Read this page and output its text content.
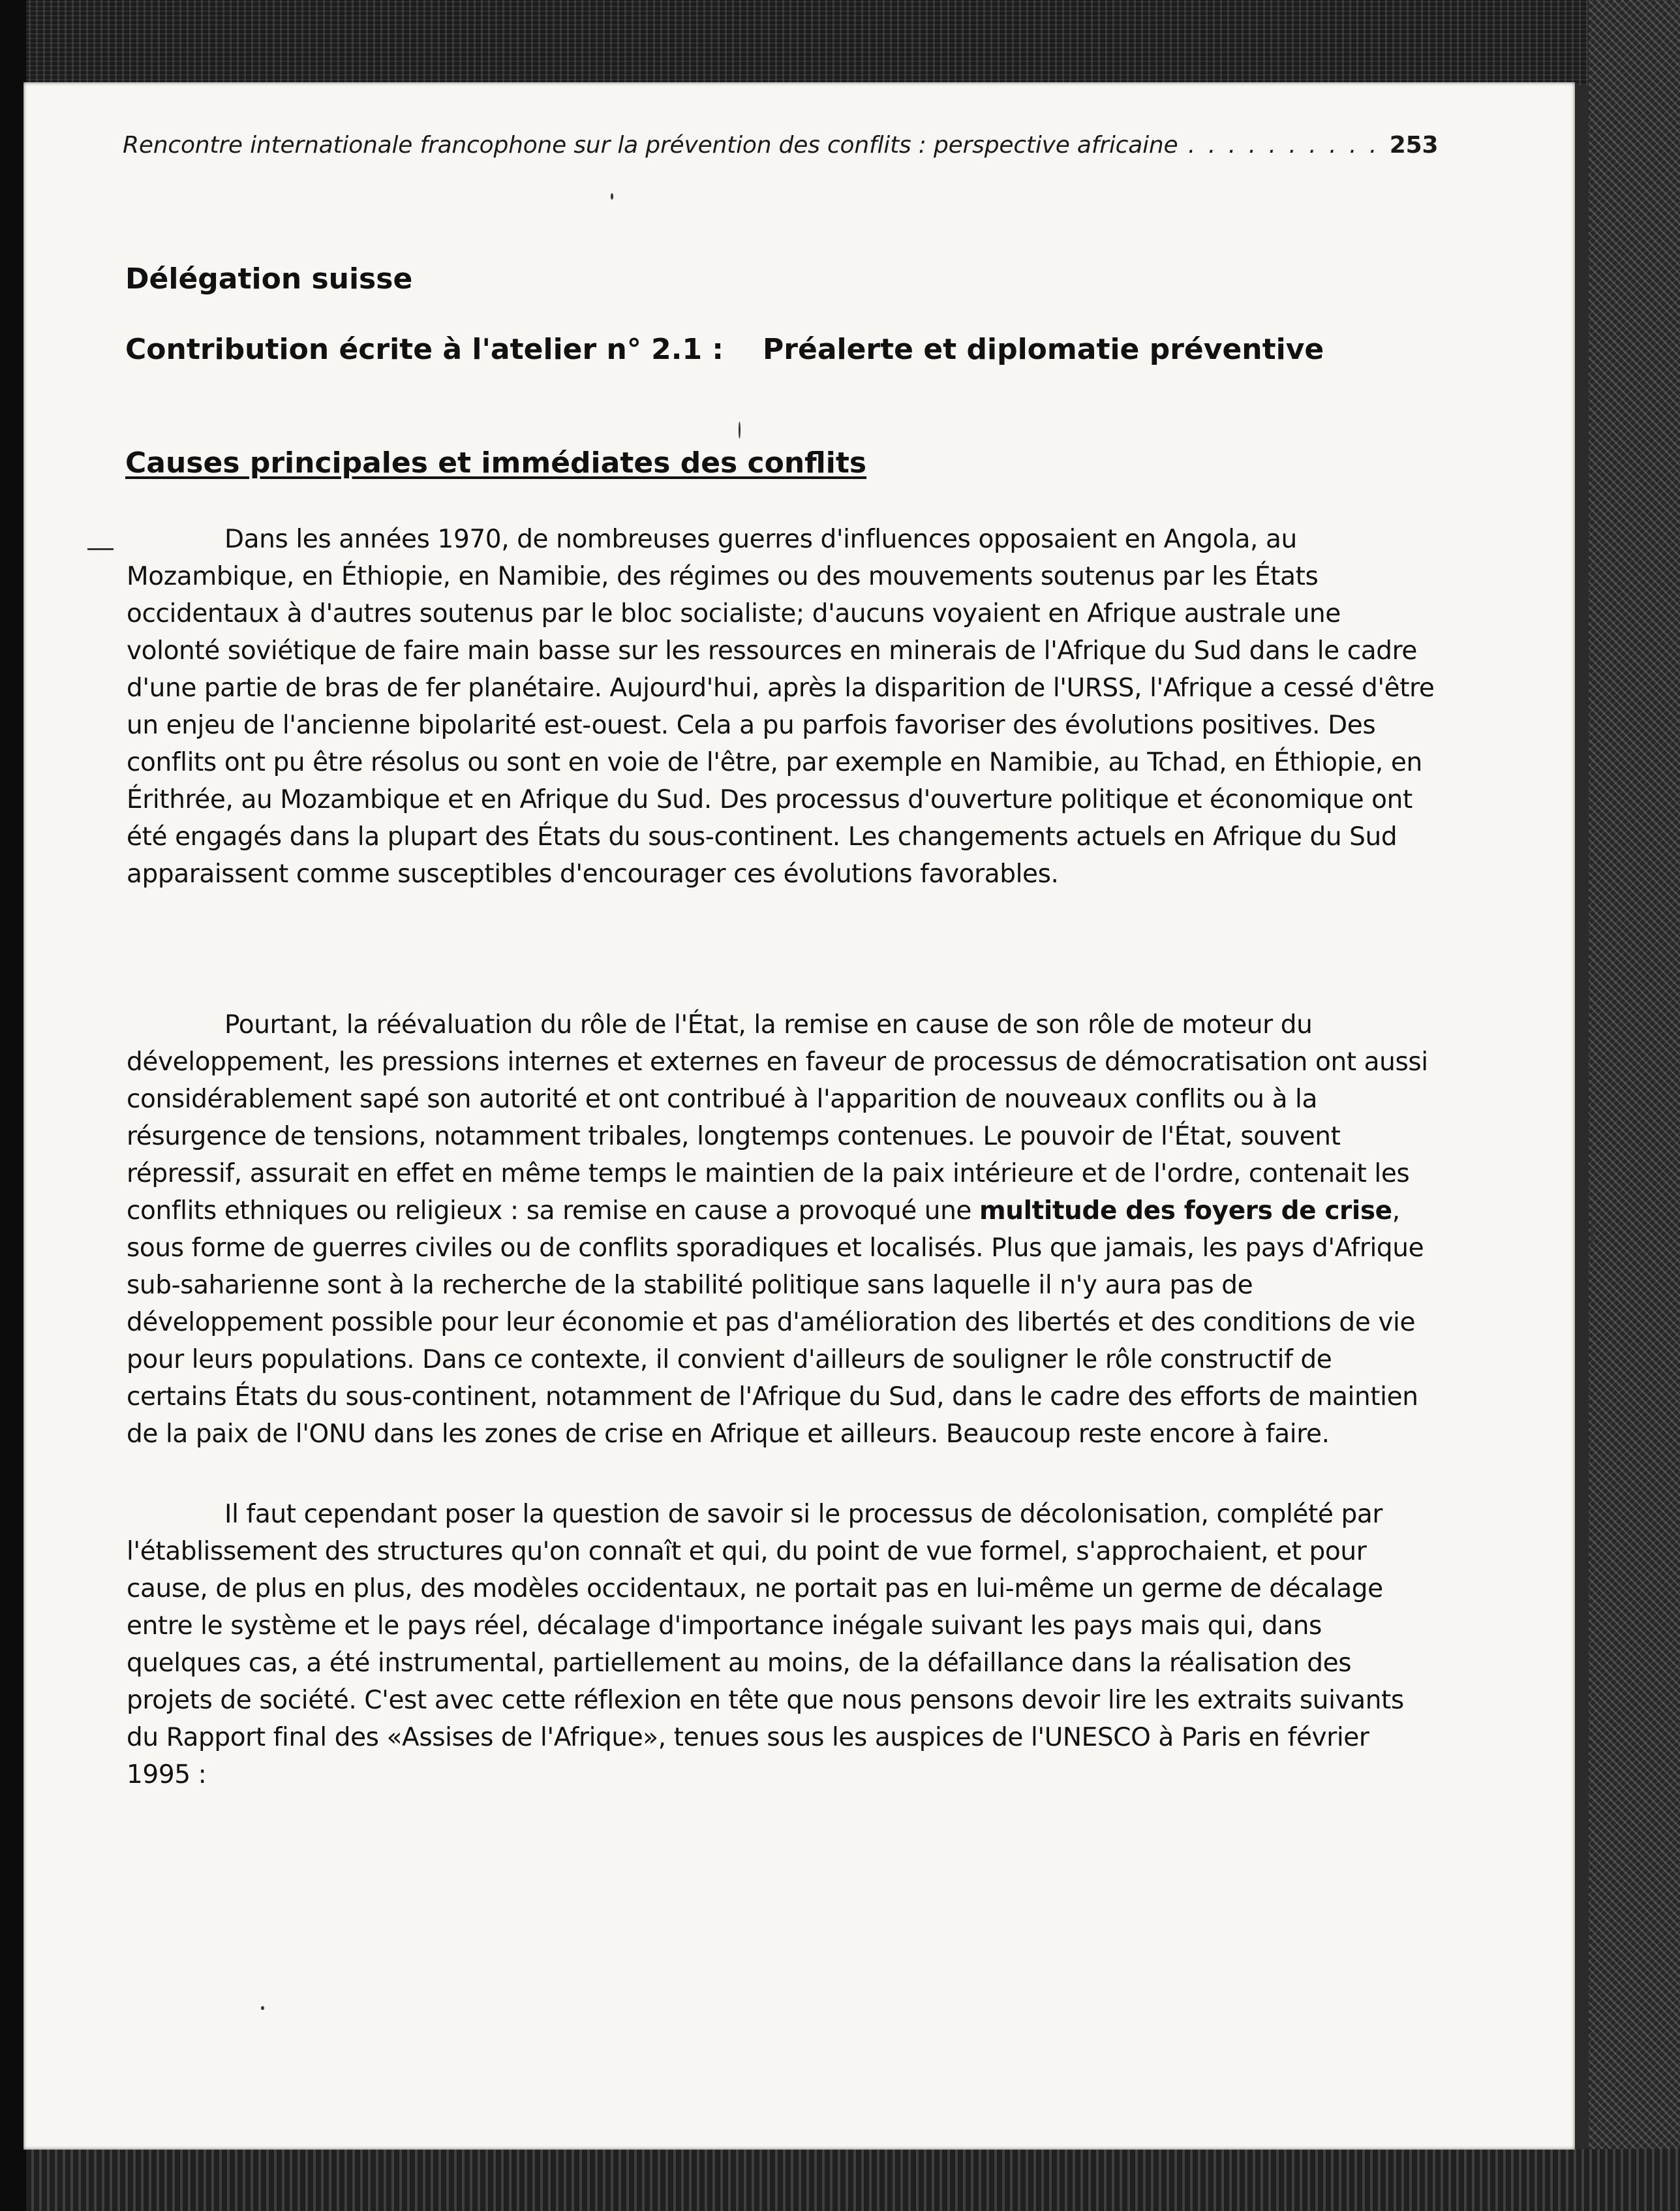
Rencontre internationale francophone sur la prévention des conflits : perspective africaine . . . . . . . . . . 253
Délégation suisse
Contribution écrite à l'atelier n° 2.1 : Préalerte et diplomatie préventive
Causes principales et immédiates des conflits

Dans les années 1970, de nombreuses guerres d'influences opposaient en Angola, au Mozambique, en Éthiopie, en Namibie, des régimes ou des mouvements soutenus par les États occidentaux à d'autres soutenus par le bloc socialiste; d'aucuns voyaient en Afrique australe une volonté soviétique de faire main basse sur les ressources en minerais de l'Afrique du Sud dans le cadre d'une partie de bras de fer planétaire. Aujourd'hui, après la disparition de l'URSS, l'Afrique a cessé d'être un enjeu de l'ancienne bipolarité est-ouest. Cela a pu parfois favoriser des évolutions positives. Des conflits ont pu être résolus ou sont en voie de l'être, par exemple en Namibie, au Tchad, en Éthiopie, en Érithrée, au Mozambique et en Afrique du Sud. Des processus d'ouverture politique et économique ont été engagés dans la plupart des États du sous-continent. Les changements actuels en Afrique du Sud apparaissent comme susceptibles d'encourager ces évolutions favorables.

Pourtant, la réévaluation du rôle de l'État, la remise en cause de son rôle de moteur du développement, les pressions internes et externes en faveur de processus de démocratisation ont aussi considérablement sapé son autorité et ont contribué à l'apparition de nouveaux conflits ou à la résurgence de tensions, notamment tribales, longtemps contenues. Le pouvoir de l'État, souvent répressif, assurait en effet en même temps le maintien de la paix intérieure et de l'ordre, contenait les conflits ethniques ou religieux : sa remise en cause a provoqué une multitude des foyers de crise, sous forme de guerres civiles ou de conflits sporadiques et localisés. Plus que jamais, les pays d'Afrique sub-saharienne sont à la recherche de la stabilité politique sans laquelle il n'y aura pas de développement possible pour leur économie et pas d'amélioration des libertés et des conditions de vie pour leurs populations. Dans ce contexte, il convient d'ailleurs de souligner le rôle constructif de certains États du sous-continent, notamment de l'Afrique du Sud, dans le cadre des efforts de maintien de la paix de l'ONU dans les zones de crise en Afrique et ailleurs. Beaucoup reste encore à faire.

Il faut cependant poser la question de savoir si le processus de décolonisation, complété par l'établissement des structures qu'on connaît et qui, du point de vue formel, s'approchaient, et pour cause, de plus en plus, des modèles occidentaux, ne portait pas en lui-même un germe de décalage entre le système et le pays réel, décalage d'importance inégale suivant les pays mais qui, dans quelques cas, a été instrumental, partiellement au moins, de la défaillance dans la réalisation des projets de société. C'est avec cette réflexion en tête que nous pensons devoir lire les extraits suivants du Rapport final des «Assises de l'Afrique», tenues sous les auspices de l'UNESCO à Paris en février 1995 :
